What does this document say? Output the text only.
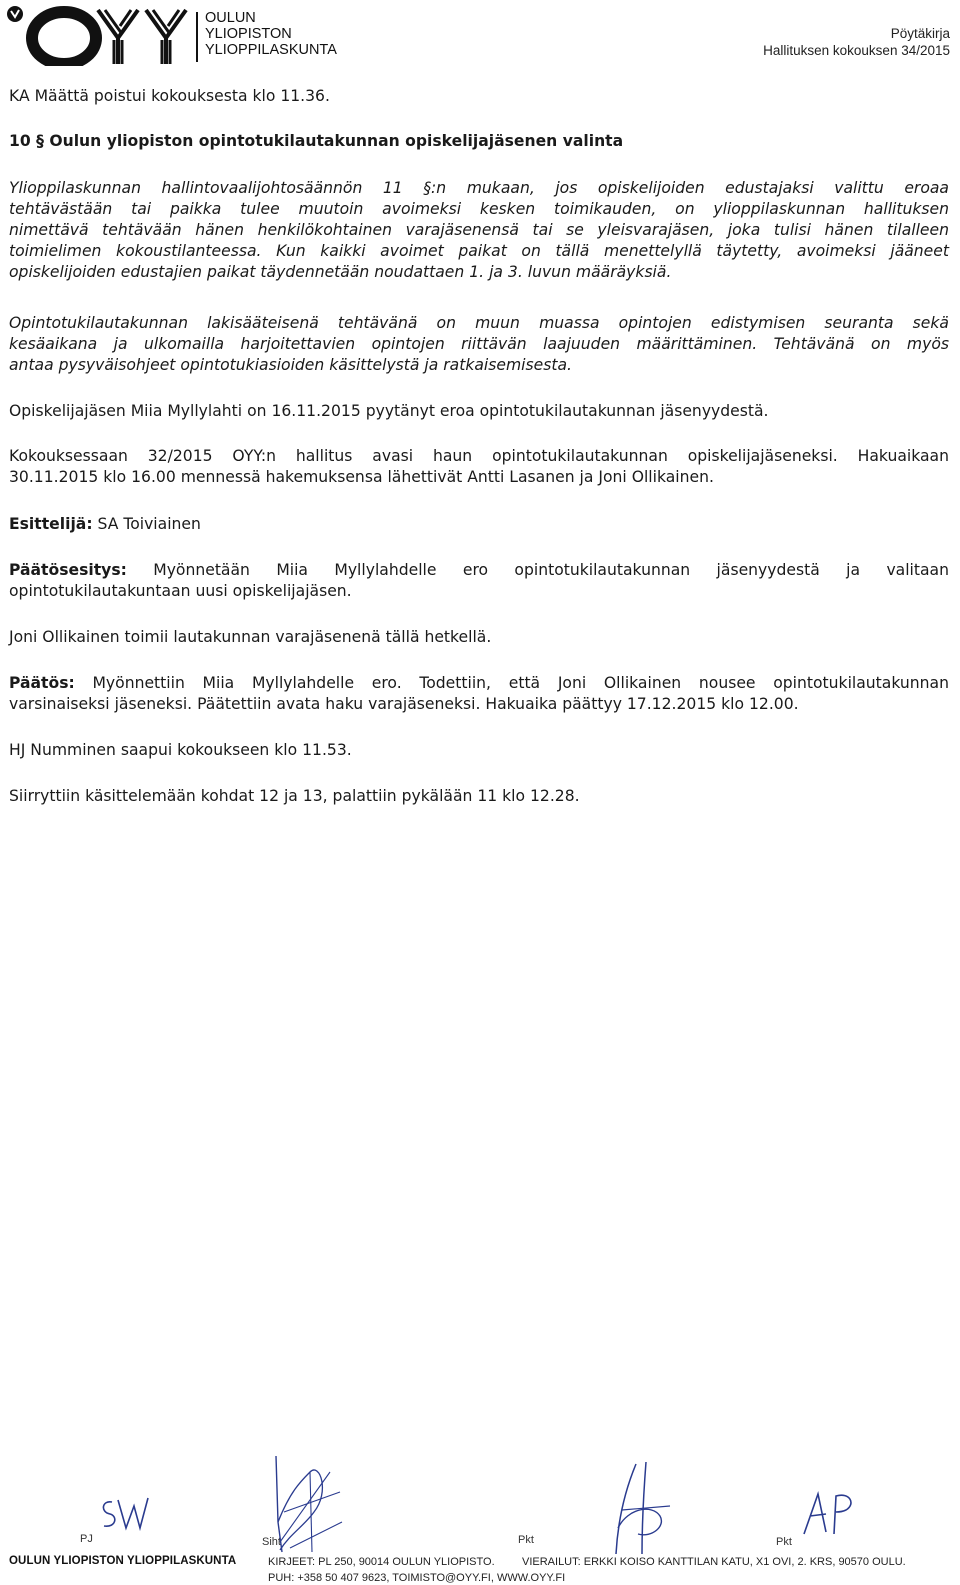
OULUN
YLIOPISTON
YLIOPPILASKUNTA
Pöytäkirja
Hallituksen kokouksen 34/2015
KA Määttä poistui kokouksesta klo 11.36.
10 § Oulun yliopiston opintotukilautakunnan opiskelijajäsenen valinta
Ylioppilaskunnan hallintovaalijohtosäännön 11 §:n mukaan, jos opiskelijoiden edustajaksi valittu eroaa
tehtävästään tai paikka tulee muutoin avoimeksi kesken toimikauden, on ylioppilaskunnan hallituksen
nimettävä tehtävään hänen henkilökohtainen varajäsenensä tai se yleisvarajäsen, joka tulisi hänen tilalleen
toimielimen kokoustilanteessa. Kun kaikki avoimet paikat on tällä menettelyllä täytetty, avoimeksi jääneet
opiskelijoiden edustajien paikat täydennetään noudattaen 1. ja 3. luvun määräyksiä.
Opintotukilautakunnan lakisääteisenä tehtävänä on muun muassa opintojen edistymisen seuranta sekä
kesäaikana ja ulkomailla harjoitettavien opintojen riittävän laajuuden määrittäminen. Tehtävänä on myös
antaa pysyväisohjeet opintotukiasioiden käsittelystä ja ratkaisemisesta.
Opiskelijajäsen Miia Myllylahti on 16.11.2015 pyytänyt eroa opintotukilautakunnan jäsenyydestä.
Kokouksessaan 32/2015 OYY:n hallitus avasi haun opintotukilautakunnan opiskelijajäseneksi. Hakuaikaan
30.11.2015 klo 16.00 mennessä hakemuksensa lähettivät Antti Lasanen ja Joni Ollikainen.
Esittelijä: SA Toiviainen
Päätösesitys: Myönnetään Miia Myllylahdelle ero opintotukilautakunnan jäsenyydestä ja valitaan
opintotukilautakuntaan uusi opiskelijajäsen.
Joni Ollikainen toimii lautakunnan varajäsenenä tällä hetkellä.
Päätös: Myönnettiin Miia Myllylahdelle ero. Todettiin, että Joni Ollikainen nousee opintotukilautakunnan
varsinaiseksi jäseneksi. Päätettiin avata haku varajäseneksi. Hakuaika päättyy 17.12.2015 klo 12.00.
HJ Numminen saapui kokoukseen klo 11.53.
Siirryttiin käsittelemään kohdat 12 ja 13, palattiin pykälään 11 klo 12.28.
PJ	Siht	Pkt	Pkt
OULUN YLIOPISTON YLIOPPILASKUNTA	KIRJEET: PL 250, 90014 OULUN YLIOPISTO. VIERAILUT: ERKKI KOISO KANTTILAN KATU, X1 OVI, 2. KRS, 90570 OULU.
PUH: +358 50 407 9623, TOIMISTO@OYY.FI, WWW.OYY.FI
